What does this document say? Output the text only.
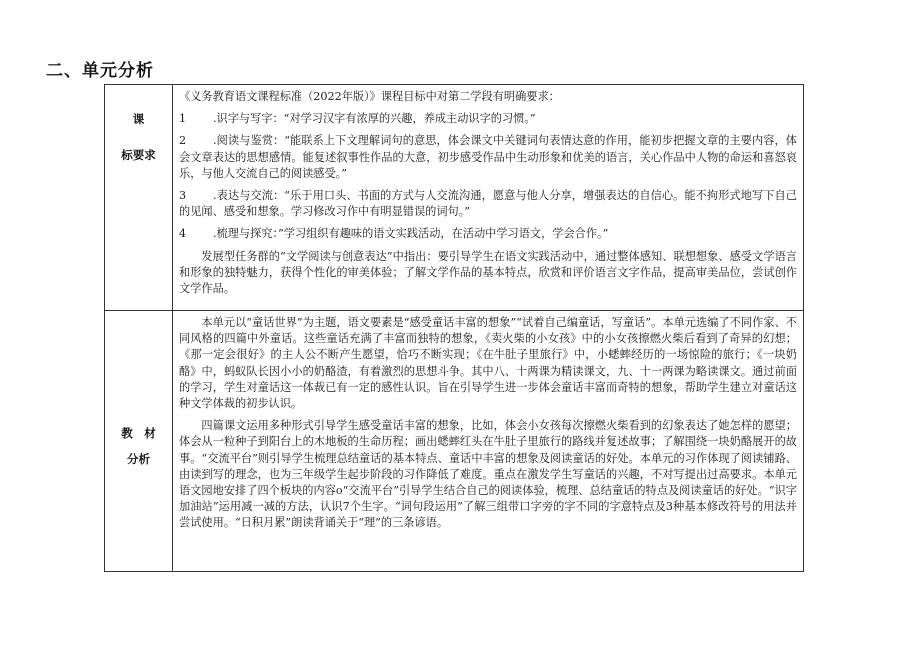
二、单元分析
课
标要求

《义务教育语文课程标准（2022年版）》课程目标中对第二学段有明确要求：

1 .识字与写字：“对学习汉字有浓厚的兴趣，养成主动识字的习惯。”

2 .阅读与鉴赏：“能联系上下文理解词句的意思，体会课文中关键词句表情达意的作用，能初步把握文章的主要内容，体会文章表达的思想感情。能复述叙事性作品的大意，初步感受作品中生动形象和优美的语言，关心作品中人物的命运和喜怒哀乐，与他人交流自己的阅读感受。”

3 .表达与交流：“乐于用口头、书面的方式与人交流沟通，愿意与他人分享，增强表达的自信心。能不拘形式地写下自己的见闻、感受和想象。学习修改习作中有明显错误的词句。”

4 .梳理与探究：”学习组织有趣味的语文实践活动，在活动中学习语文，学会合作。”

发展型任务群的“文学阅读与创意表达”中指出：要引导学生在语文实践活动中，通过整体感知、联想想象、感受文学语言和形象的独特魅力，获得个性化的审美体验；了解文学作品的基本特点，欣赏和评价语言文字作品，提高审美品位，尝试创作文学作品。

教　材
分析

本单元以“童话世界”为主题，语文要素是“感受童话丰富的想象”“试着自己编童话，写童话”。本单元选编了不同作家、不同风格的四篇中外童话。这些童话充满了丰富而独特的想象，《卖火柴的小女孩》中的小女孩擦燃火柴后看到了奇异的幻想；《那一定会很好》的主人公不断产生愿望，恰巧不断实现；《在牛肚子里旅行》中，小蟋蟀经历的一场惊险的旅行；《一块奶酪》中，蚂蚁队长因小小的奶酪渣，有着激烈的思想斗争。其中八、十两课为精读课文，九、十一两课为略读课文。通过前面的学习，学生对童话这一体裁已有一定的感性认识。旨在引导学生进一步体会童话丰富而奇特的想象，帮助学生建立对童话这种文学体裁的初步认识。

四篇课文运用多种形式引导学生感受童话丰富的想象，比如，体会小女孩每次擦燃火柴看到的幻象表达了她怎样的愿望；体会从一粒种子到阳台上的木地板的生命历程；画出蟋蟀红头在牛肚子里旅行的路线并复述故事；了解围绕一块奶酪展开的故事。“交流平台”则引导学生梳理总结童话的基本特点、童话中丰富的想象及阅读童话的好处。本单元的习作体现了阅读铺路、由读到写的理念，也为三年级学生起步阶段的习作降低了难度。重点在激发学生写童话的兴趣，不对写提出过高要求。本单元语文园地安排了四个板块的内容o“交流平台”引导学生结合自己的阅读体验，梳理、总结童话的特点及阅读童话的好处。“识字加油站”运用减一减的方法，认识7个生字。“词句段运用”了解三组带口字旁的字不同的字意特点及3种基本修改符号的用法并尝试使用。“日积月累”朗读背诵关于“理”的三条谚语。
